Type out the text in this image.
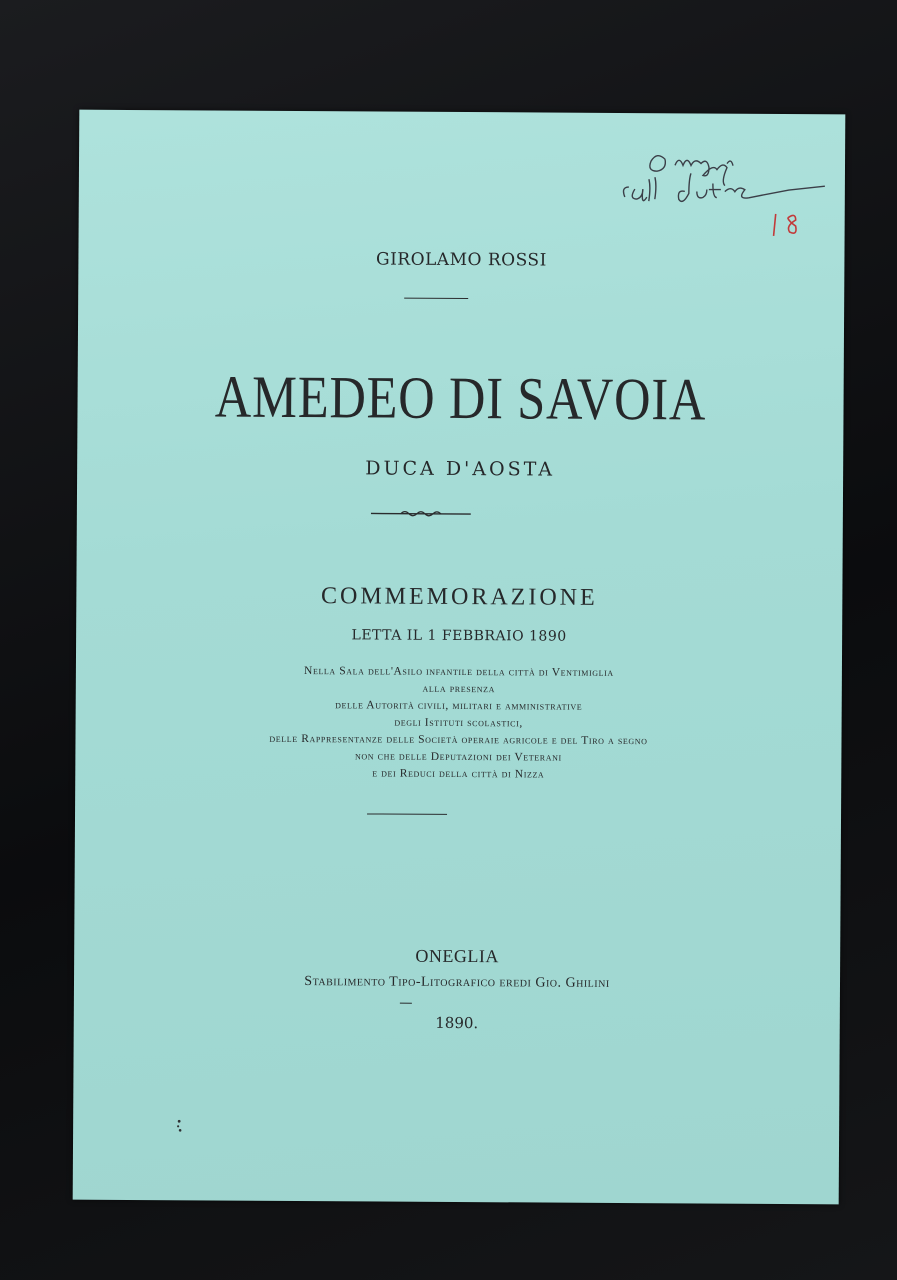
GIROLAMO ROSSI
AMEDEO DI SAVOIA
DUCA D'AOSTA
COMMEMORAZIONE
LETTA IL 1 FEBBRAIO 1890
Nella Sala dell'Asilo infantile della città di Ventimiglia
alla presenza
delle Autorità civili, militari e amministrative
degli Istituti scolastici,
delle Rappresentanze delle Società operaie agricole e del Tiro a segno
non che delle Deputazioni dei Veterani
e dei Reduci della città di Nizza
ONEGLIA
Stabilimento Tipo-Litografico eredi Gio. Ghilini
1890.
